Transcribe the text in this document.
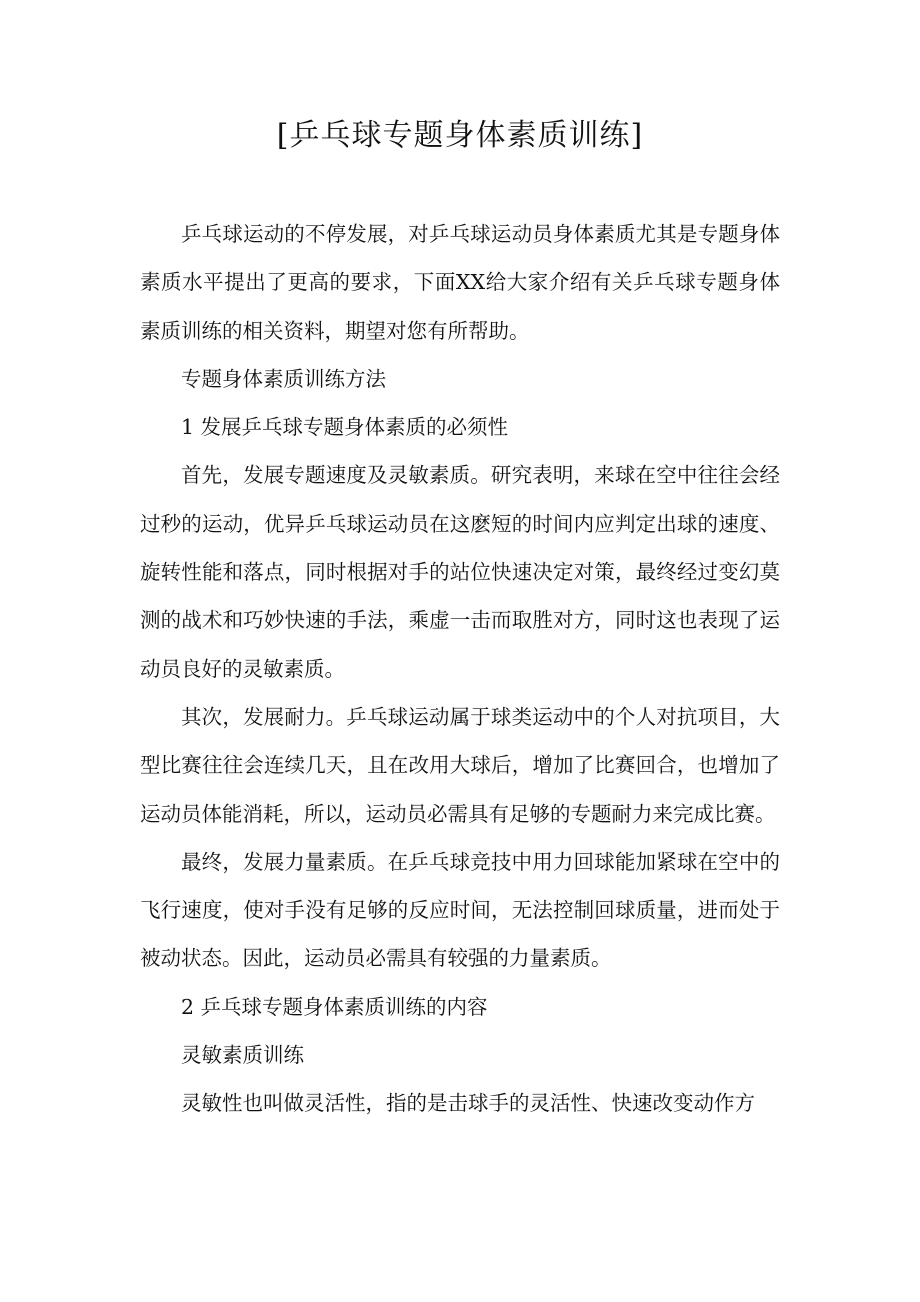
[乒乓球专题身体素质训练]

乒乓球运动的不停发展，对乒乓球运动员身体素质尤其是专题身体素质水平提出了更高的要求，下面XX给大家介绍有关乒乓球专题身体素质训练的相关资料，期望对您有所帮助。

专题身体素质训练方法

1 发展乒乓球专题身体素质的必须性

首先，发展专题速度及灵敏素质。研究表明，来球在空中往往会经过秒的运动，优异乒乓球运动员在这麽短的时间内应判定出球的速度、旋转性能和落点，同时根据对手的站位快速决定对策，最终经过变幻莫测的战术和巧妙快速的手法，乘虚一击而取胜对方，同时这也表现了运动员良好的灵敏素质。

其次，发展耐力。乒乓球运动属于球类运动中的个人对抗项目，大型比赛往往会连续几天，且在改用大球后，增加了比赛回合，也增加了运动员体能消耗，所以，运动员必需具有足够的专题耐力来完成比赛。

最终，发展力量素质。在乒乓球竞技中用力回球能加紧球在空中的飞行速度，使对手没有足够的反应时间，无法控制回球质量，进而处于被动状态。因此，运动员必需具有较强的力量素质。

2 乒乓球专题身体素质训练的内容

灵敏素质训练

灵敏性也叫做灵活性，指的是击球手的灵活性、快速改变动作方
